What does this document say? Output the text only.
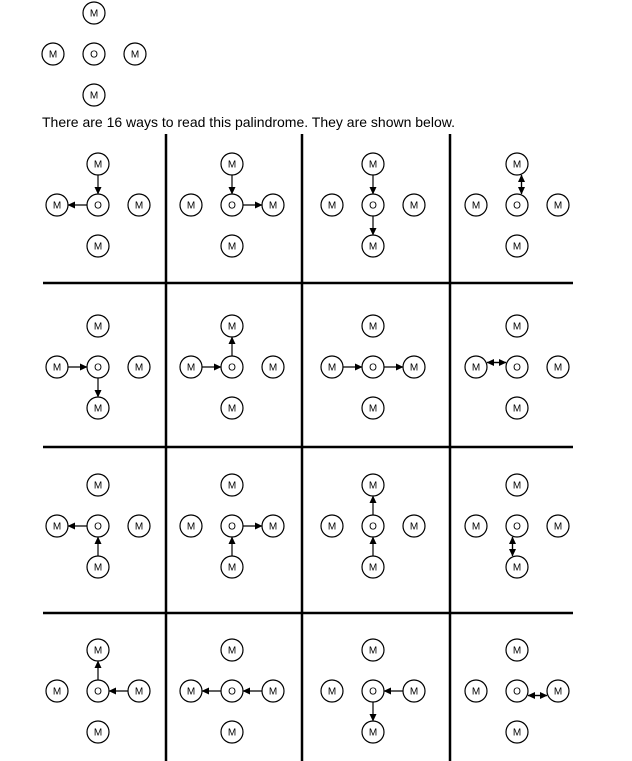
M
M	O	M
M
M
M	O	M
M
M
M	O	M
M
M
M	O	M
M
M
M	O	M
M
M
M	O	M
M
M
M	O	M
M
M
M	O	M
M
M
M	O	M
M
M
M	O	M
M
M
M	O	M
M
M
M	O	M
M
M
M	O	M
M
M
M	O	M
M
M
M	O	M
M
M
M	O	M
M
M
M	O	M
M

There are 16 ways to read this palindrome. They are shown below.
